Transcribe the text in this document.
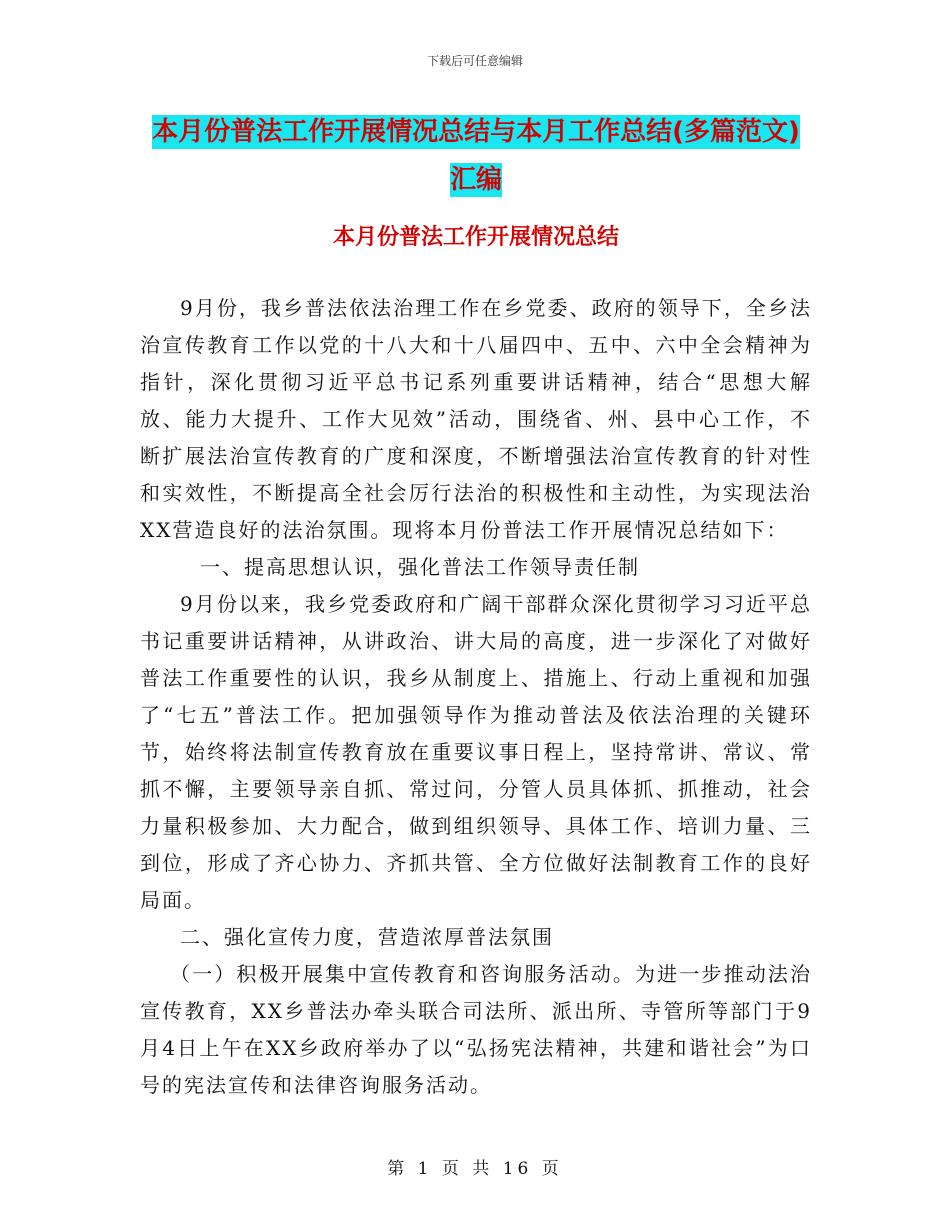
下载后可任意编辑
本月份普法工作开展情况总结与本月工作总结(多篇范文)汇编
本月份普法工作开展情况总结

9月份，我乡普法依法治理工作在乡党委、政府的领导下，全乡法治宣传教育工作以党的十八大和十八届四中、五中、六中全会精神为指针，深化贯彻习近平总书记系列重要讲话精神，结合“思想大解放、能力大提升、工作大见效”活动，围绕省、州、县中心工作，不断扩展法治宣传教育的广度和深度，不断增强法治宣传教育的针对性和实效性，不断提高全社会厉行法治的积极性和主动性，为实现法治XX营造良好的法治氛围。现将本月份普法工作开展情况总结如下：

一、提高思想认识，强化普法工作领导责任制

9月份以来，我乡党委政府和广阔干部群众深化贯彻学习习近平总书记重要讲话精神，从讲政治、讲大局的高度，进一步深化了对做好普法工作重要性的认识，我乡从制度上、措施上、行动上重视和加强了“七五”普法工作。把加强领导作为推动普法及依法治理的关键环节，始终将法制宣传教育放在重要议事日程上，坚持常讲、常议、常抓不懈，主要领导亲自抓、常过问，分管人员具体抓、抓推动，社会力量积极参加、大力配合，做到组织领导、具体工作、培训力量、三到位，形成了齐心协力、齐抓共管、全方位做好法制教育工作的良好局面。

二、强化宣传力度，营造浓厚普法氛围

（一）积极开展集中宣传教育和咨询服务活动。为进一步推动法治宣传教育，XX乡普法办牵头联合司法所、派出所、寺管所等部门于9月4日上午在XX乡政府举办了以“弘扬宪法精神，共建和谐社会”为口号的宪法宣传和法律咨询服务活动。

第 1 页 共 16 页
